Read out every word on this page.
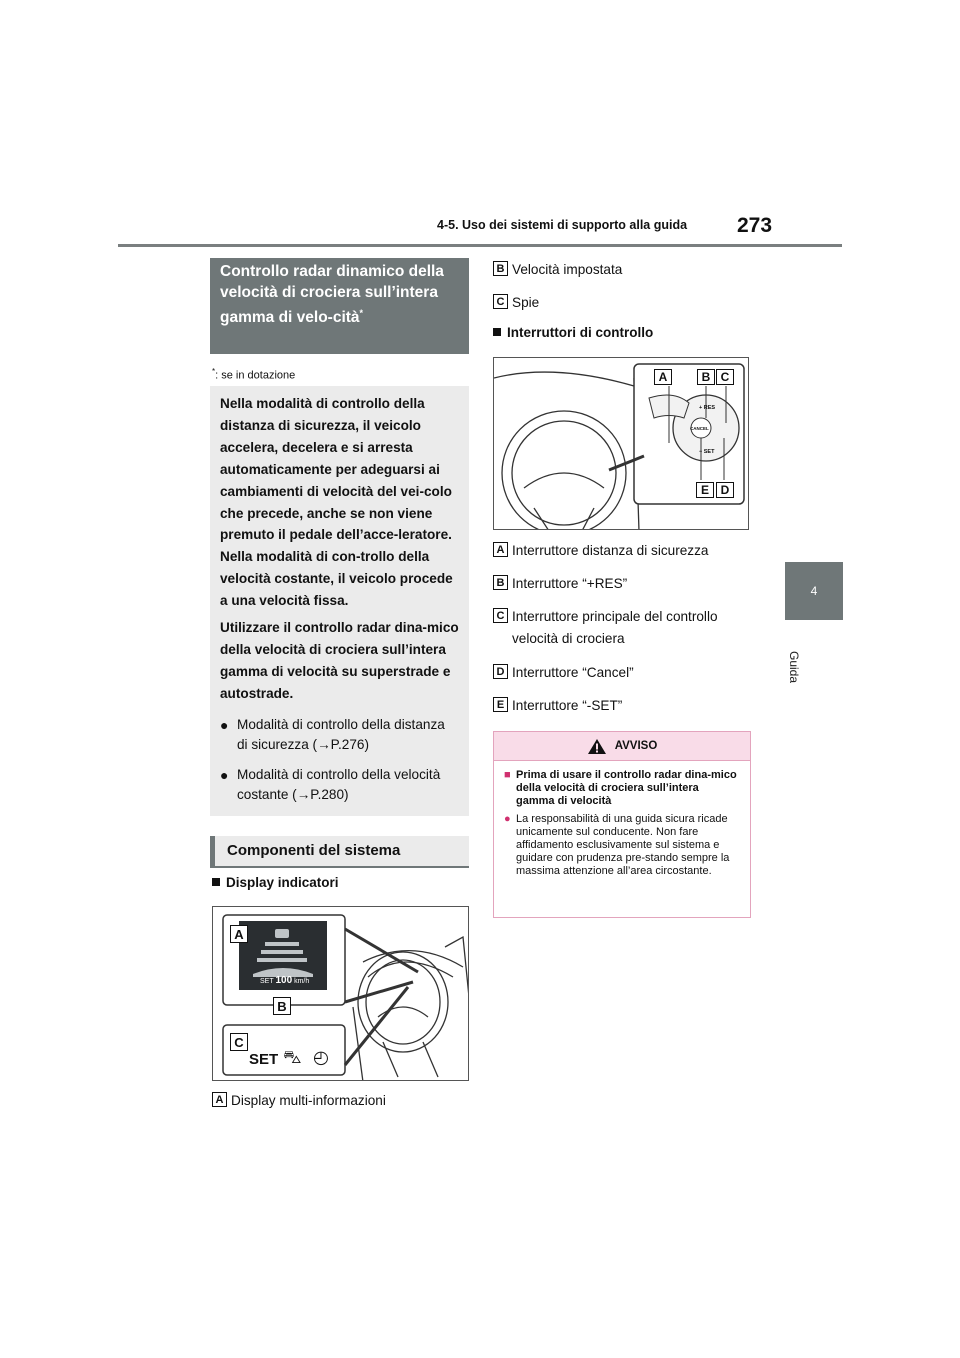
4-5. Uso dei sistemi di supporto alla guida 273
4
Guida
Controllo radar dinamico della velocità di crociera sull’intera gamma di velo-cità*
*: se in dotazione

Nella modalità di controllo della distanza di sicurezza, il veicolo accelera, decelera e si arresta automaticamente per adeguarsi ai cambiamenti di velocità del vei-colo che precede, anche se non viene premuto il pedale dell’acce-leratore. Nella modalità di con-trollo della velocità costante, il veicolo procede a una velocità fissa.

Utilizzare il controllo radar dina-mico della velocità di crociera sull’intera gamma di velocità su superstrade e autostrade.

● Modalità di controllo della distanza di sicurezza (→P.276)
● Modalità di controllo della velocità costante (→P.280)
Componenti del sistema
Display indicatori
A
B
C
SET 100 km/h
SET ⛍ ◴
A Display multi-informazioni
B Velocità impostata
C Spie
Interruttori di controllo
A	B C
E D
+ RES
CANCEL
− SET
A Interruttore distanza di sicurezza
B Interruttore “+RES”
C Interruttore principale del controllo velocità di crociera
D Interruttore “Cancel”
E Interruttore “-SET”
AVVISO
■ Prima di usare il controllo radar dina-mico della velocità di crociera sull’intera gamma di velocità
● La responsabilità di una guida sicura ricade unicamente sul conducente. Non fare affidamento esclusivamente sul sistema e guidare con prudenza pre-stando sempre la massima attenzione all’area circostante.
